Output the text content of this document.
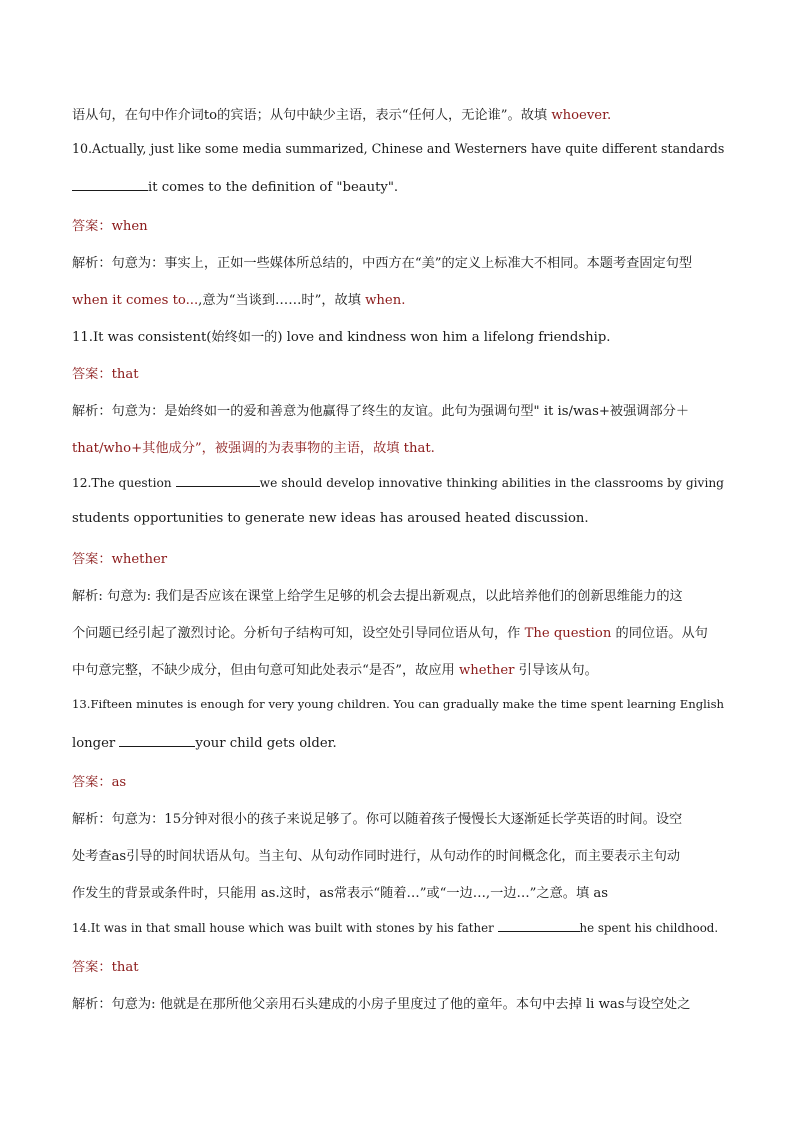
语从句，在句中作介词to的宾语；从句中缺少主语，表示“任何人，无论谁”。故填 whoever.
10.Actually, just like some media summarized, Chinese and Westerners have quite different standards
it comes to the definition of "beauty".
答案：when
解析：句意为：事实上，正如一些媒体所总结的，中西方在“美”的定义上标准大不相同。本题考查固定句型
when it comes to...,意为“当谈到……时”，故填 when.
11.It was consistent(始终如一的) love and kindness won him a lifelong friendship.
答案：that
解析：句意为：是始终如一的爱和善意为他赢得了终生的友谊。此句为强调句型" it is/was+被强调部分＋
that/who+其他成分”，被强调的为表事物的主语，故填 that.
12.The question	we should develop innovative thinking abilities in the classrooms by giving
students opportunities to generate new ideas has aroused heated discussion.
答案：whether
解析: 句意为: 我们是否应该在课堂上给学生足够的机会去提出新观点，以此培养他们的创新思维能力的这
个问题已经引起了激烈讨论。分析句子结构可知，设空处引导同位语从句，作 The question 的同位语。从句
中句意完整，不缺少成分，但由句意可知此处表示“是否”，故应用 whether 引导该从句。
13.Fifteen minutes is enough for very young children. You can gradually make the time spent learning English
longer	your child gets older.
答案：as
解析：句意为：15分钟对很小的孩子来说足够了。你可以随着孩子慢慢长大逐渐延长学英语的时间。设空
处考查as引导的时间状语从句。当主句、从句动作同时进行，从句动作的时间概念化，而主要表示主句动
作发生的背景或条件时，只能用 as.这时，as常表示“随着…”或“一边…,一边…”之意。填 as
14.It was in that small house which was built with stones by his father	he spent his childhood.
答案：that
解析：句意为: 他就是在那所他父亲用石头建成的小房子里度过了他的童年。本句中去掉 li was与设空处之
